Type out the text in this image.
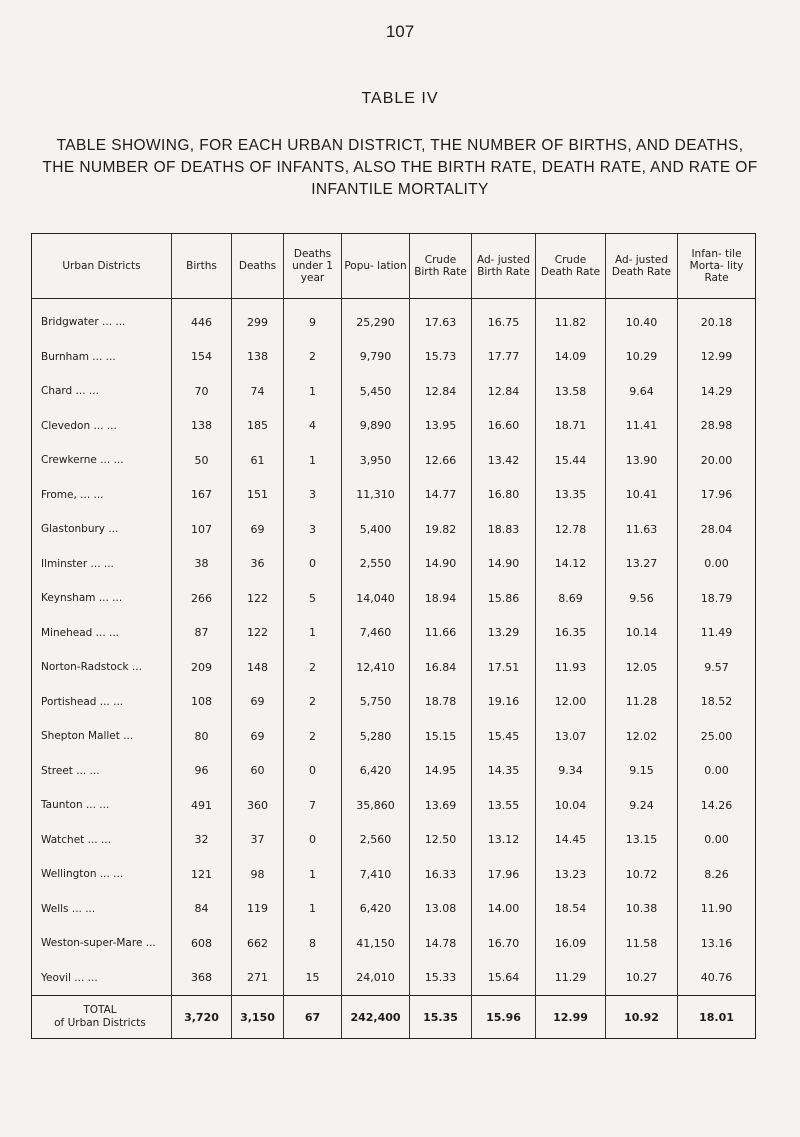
107
TABLE IV
TABLE SHOWING, FOR EACH URBAN DISTRICT, THE NUMBER OF BIRTHS, AND DEATHS, THE NUMBER OF DEATHS OF INFANTS, ALSO THE BIRTH RATE, DEATH RATE, AND RATE OF INFANTILE MORTALITY
Urban Districts	Births	Deaths	Deaths under 1 year	Popu- lation	Crude Birth Rate	Ad- justed Birth Rate	Crude Death Rate	Ad- justed Death Rate	Infan- tile Morta- lity Rate
Bridgwater ... ...	446	299	9	25,290	17.63	16.75	11.82	10.40	20.18
Burnham ... ...	154	138	2	9,790	15.73	17.77	14.09	10.29	12.99
Chard ... ...	70	74	1	5,450	12.84	12.84	13.58	9.64	14.29
Clevedon ... ...	138	185	4	9,890	13.95	16.60	18.71	11.41	28.98
Crewkerne ... ...	50	61	1	3,950	12.66	13.42	15.44	13.90	20.00
Frome, ... ...	167	151	3	11,310	14.77	16.80	13.35	10.41	17.96
Glastonbury ...	107	69	3	5,400	19.82	18.83	12.78	11.63	28.04
Ilminster ... ...	38	36	0	2,550	14.90	14.90	14.12	13.27	0.00
Keynsham ... ...	266	122	5	14,040	18.94	15.86	8.69	9.56	18.79
Minehead ... ...	87	122	1	7,460	11.66	13.29	16.35	10.14	11.49
Norton-Radstock ...	209	148	2	12,410	16.84	17.51	11.93	12.05	9.57
Portishead ... ...	108	69	2	5,750	18.78	19.16	12.00	11.28	18.52
Shepton Mallet ...	80	69	2	5,280	15.15	15.45	13.07	12.02	25.00
Street ... ...	96	60	0	6,420	14.95	14.35	9.34	9.15	0.00
Taunton ... ...	491	360	7	35,860	13.69	13.55	10.04	9.24	14.26
Watchet ... ...	32	37	0	2,560	12.50	13.12	14.45	13.15	0.00
Wellington ... ...	121	98	1	7,410	16.33	17.96	13.23	10.72	8.26
Wells ... ...	84	119	1	6,420	13.08	14.00	18.54	10.38	11.90
Weston-super-Mare ...	608	662	8	41,150	14.78	16.70	16.09	11.58	13.16
Yeovil ... ...	368	271	15	24,010	15.33	15.64	11.29	10.27	40.76

TOTAL
of Urban Districts	3,720	3,150	67	242,400	15.35	15.96	12.99	10.92	18.01
